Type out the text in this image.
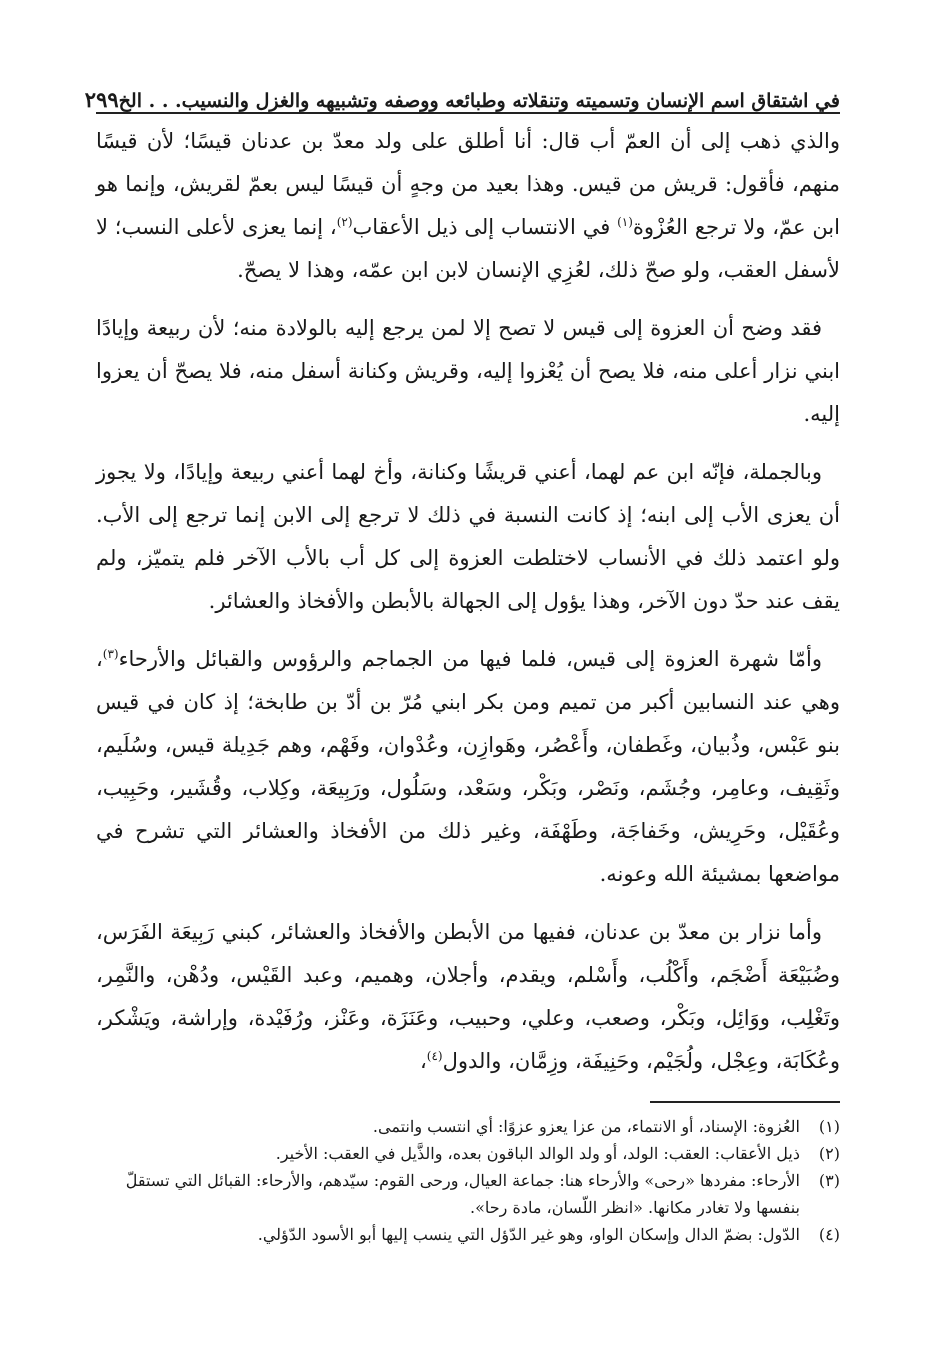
في اشتقاق اسم الإنسان وتسميته وتنقلاته وطبائعه ووصفه وتشبيهه والغزل والنسيب. . . الخ
٢٩٩

والذي ذهب إلى أن العمّ أب قال: أنا أطلق على ولد معدّ بن عدنان قيسًا؛ لأن قيسًا منهم، فأقول: قريش من قيس. وهذا بعيد من وجهٍ أن قيسًا ليس بعمّ لقريش، وإنما هو ابن عمّ، ولا ترجع العُزْوة$^{(١)}$ في الانتساب إلى ذيل الأعقاب$^{(٢)}$، إنما يعزى لأعلى النسب؛ لا لأسفل العقب، ولو صحّ ذلك، لعُزِي الإنسان لابن ابن عمّه، وهذا لا يصحّ.

فقد وضح أن العزوة إلى قيس لا تصح إلا لمن يرجع إليه بالولادة منه؛ لأن ربيعة وإيادًا ابني نزار أعلى منه، فلا يصح أن يُعْزوا إليه، وقريش وكنانة أسفل منه، فلا يصحّ أن يعزوا إليه.

وبالجملة، فإنّه ابن عم لهما، أعني قريشًا وكنانة، وأخ لهما أعني ربيعة وإيادًا، ولا يجوز أن يعزى الأب إلى ابنه؛ إذ كانت النسبة في ذلك لا ترجع إلى الابن إنما ترجع إلى الأب. ولو اعتمد ذلك في الأنساب لاختلطت العزوة إلى كل أب بالأب الآخر فلم يتميّز، ولم يقف عند حدّ دون الآخر، وهذا يؤول إلى الجهالة بالأبطن والأفخاذ والعشائر.

وأمّا شهرة العزوة إلى قيس، فلما فيها من الجماجم والرؤوس والقبائل والأرحاء$^{(٣)}$، وهي عند النسابين أكبر من تميم ومن بكر ابني مُرّ بن أدّ بن طابخة؛ إذ كان في قيس بنو عَبْس، وذُبيان، وغَطفان، وأَعْصُر، وهَوازِن، وعُدْوان، وفَهْم، وهم جَدِيلة قيس، وسُلَيم، وثَقِيف، وعامِر، وجُشَم، ونَصْر، وبَكْر، وسَعْد، وسَلُول، ورَبِيعَة، وكِلاب، وقُشَير، وحَبِيب، وعُقَيْل، وحَرِيش، وخَفاجَة، وطَهْفَة، وغير ذلك من الأفخاذ والعشائر التي تشرح في مواضعها بمشيئة الله وعونه.

وأما نزار بن معدّ بن عدنان، ففيها من الأبطن والأفخاذ والعشائر، كبني رَبِيعَة الفَرَس، وضُبَيْعَة أَضْجَم، وأَكْلُب، وأَسْلم، ويقدم، وأجلان، وهميم، وعبد القَيْس، ودُهْن، والنَّمِر، وتَغْلِب، ووَائِل، وبَكْر، وصعب، وعلي، وحبيب، وعَنَزَة، وعَنْز، ورُفَيْدة، وإراشة، ويَشْكر، وعُكَابَة، وعِجْل، ولُجَيْم، وحَنِيفَة، وزِمَّان، والدول$^{(٤)}$،

(١)
العُزوة: الإسناد، أو الانتماء، من عزا يعزو عزوًا: أي انتسب وانتمى.
(٢)
ذيل الأعقاب: العقب: الولد، أو ولد الوالد الباقون بعده، والذَّيل في العقب: الأخير.
(٣)
الأرحاء: مفردها «رحى» والأرحاء هنا: جماعة العيال، ورحى القوم: سيّدهم، والأرحاء: القبائل التي تستقلّ بنفسها ولا تغادر مكانها. «انظر اللّسان، مادة رحا».
(٤)
الدّول: بضمّ الدال وإسكان الواو، وهو غير الدّؤل التي ينسب إليها أبو الأسود الدّؤلي.
